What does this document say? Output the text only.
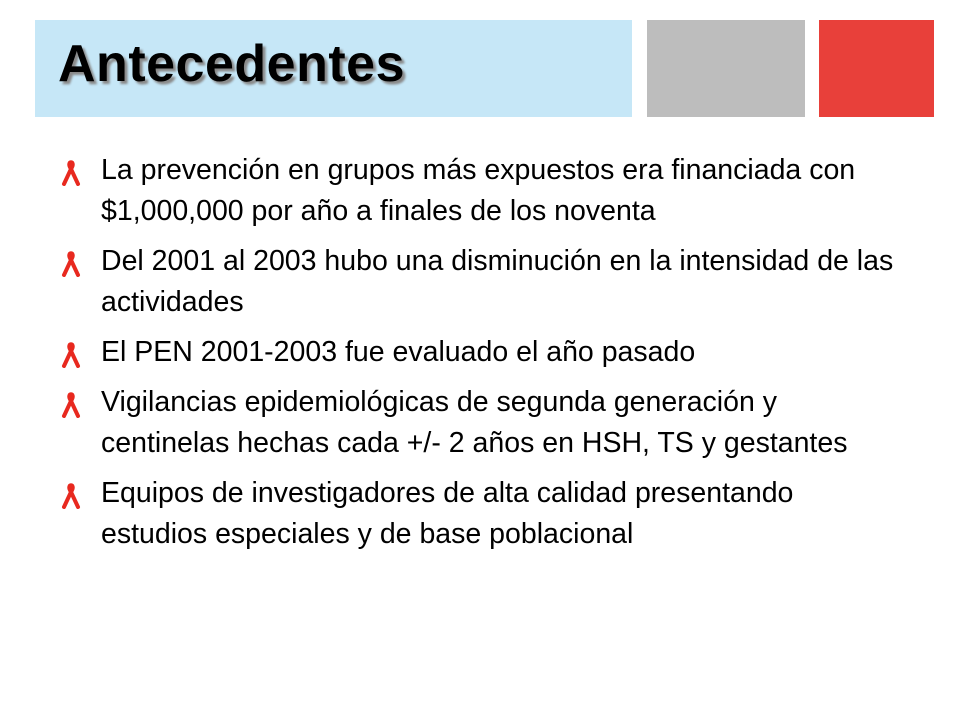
Antecedentes
La prevención en grupos más expuestos era financiada con $1,000,000 por año a finales de los noventa
Del 2001 al 2003 hubo una disminución en la intensidad de las actividades
El PEN 2001-2003 fue evaluado el año pasado
Vigilancias epidemiológicas de segunda generación y centinelas hechas cada +/- 2 años en HSH, TS y gestantes
Equipos de investigadores de alta calidad presentando estudios especiales y de base poblacional
